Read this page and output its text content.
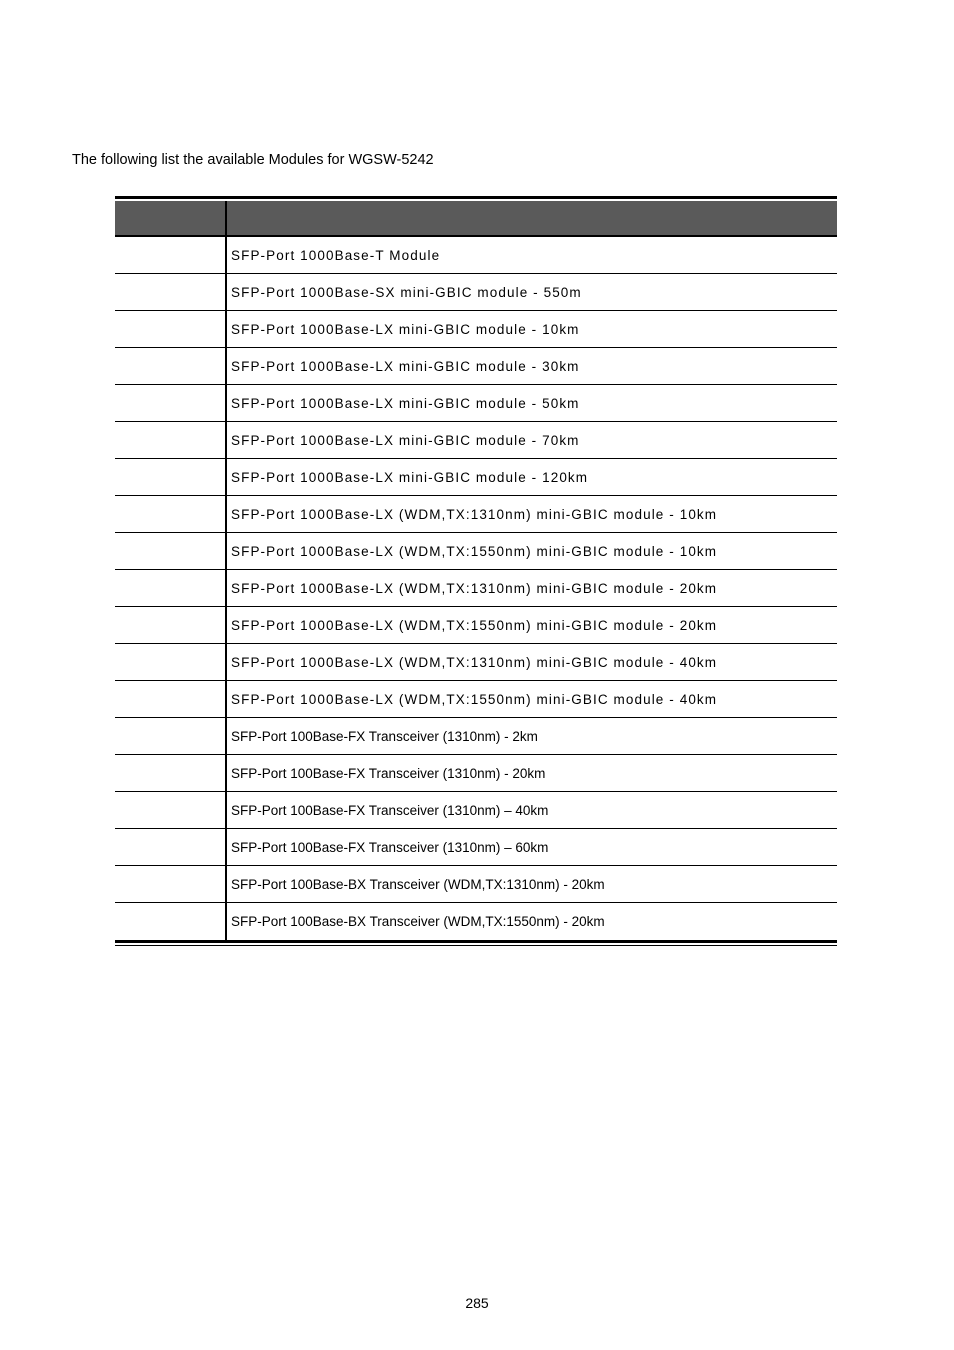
The following list the available Modules for WGSW-5242

SFP-Port 1000Base-T Module
SFP-Port 1000Base-SX mini-GBIC module - 550m
SFP-Port 1000Base-LX mini-GBIC module - 10km
SFP-Port 1000Base-LX mini-GBIC module - 30km
SFP-Port 1000Base-LX mini-GBIC module - 50km
SFP-Port 1000Base-LX mini-GBIC module - 70km
SFP-Port 1000Base-LX mini-GBIC module - 120km
SFP-Port 1000Base-LX (WDM,TX:1310nm) mini-GBIC module - 10km
SFP-Port 1000Base-LX (WDM,TX:1550nm) mini-GBIC module - 10km
SFP-Port 1000Base-LX (WDM,TX:1310nm) mini-GBIC module - 20km
SFP-Port 1000Base-LX (WDM,TX:1550nm) mini-GBIC module - 20km
SFP-Port 1000Base-LX (WDM,TX:1310nm) mini-GBIC module - 40km
SFP-Port 1000Base-LX (WDM,TX:1550nm) mini-GBIC module - 40km
SFP-Port 100Base-FX Transceiver (1310nm) - 2km
SFP-Port 100Base-FX Transceiver (1310nm) - 20km
SFP-Port 100Base-FX Transceiver (1310nm) – 40km
SFP-Port 100Base-FX Transceiver (1310nm) – 60km
SFP-Port 100Base-BX Transceiver (WDM,TX:1310nm) - 20km
SFP-Port 100Base-BX Transceiver (WDM,TX:1550nm) - 20km
285
